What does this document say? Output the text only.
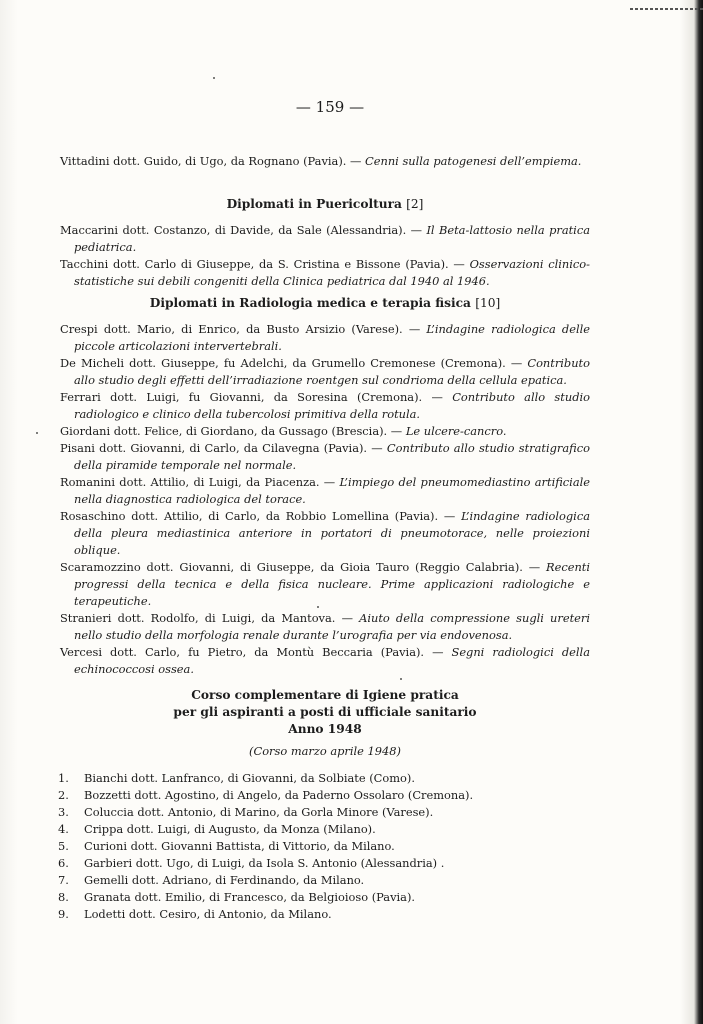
— 159 —

Vittadini dott. Guido, di Ugo, da Rognano (Pavia). — Cenni sulla patogenesi dell’empiema.

Diplomati in Puericoltura [2]

Maccarini dott. Costanzo, di Davide, da Sale (Alessandria). — Il Beta-lattosio nella pratica pediatrica.

Tacchini dott. Carlo di Giuseppe, da S. Cristina e Bissone (Pavia). — Osservazioni clinico-statistiche sui debili congeniti della Clinica pediatrica dal 1940 al 1946.

Diplomati in Radiologia medica e terapia fisica [10]

Crespi dott. Mario, di Enrico, da Busto Arsizio (Varese). — L’indagine radiologica delle piccole articolazioni intervertebrali.

De Micheli dott. Giuseppe, fu Adelchi, da Grumello Cremonese (Cremona). — Contributo allo studio degli effetti dell’irradiazione roentgen sul condrioma della cellula epatica.

Ferrari dott. Luigi, fu Giovanni, da Soresina (Cremona). — Contributo allo studio radiologico e clinico della tubercolosi primitiva della rotula.

Giordani dott. Felice, di Giordano, da Gussago (Brescia). — Le ulcere-cancro.

Pisani dott. Giovanni, di Carlo, da Cilavegna (Pavia). — Contributo allo studio stratigrafico della piramide temporale nel normale.

Romanini dott. Attilio, di Luigi, da Piacenza. — L’impiego del pneumomediastino artificiale nella diagnostica radiologica del torace.

Rosaschino dott. Attilio, di Carlo, da Robbio Lomellina (Pavia). — L’indagine radiologica della pleura mediastinica anteriore in portatori di pneumotorace, nelle proiezioni oblique.

Scaramozzino dott. Giovanni, di Giuseppe, da Gioia Tauro (Reggio Calabria). — Recenti progressi della tecnica e della fisica nucleare. Prime applicazioni radiologiche e terapeutiche.

Stranieri dott. Rodolfo, di Luigi, da Mantova. — Aiuto della compressione sugli ureteri nello studio della morfologia renale durante l’urografia per via endovenosa.

Vercesi dott. Carlo, fu Pietro, da Montù Beccaria (Pavia). — Segni radiologici della echinococcosi ossea.

Corso complementare di Igiene pratica
per gli aspiranti a posti di ufficiale sanitario
Anno 1948
(Corso marzo aprile 1948)
1.	Bianchi dott. Lanfranco, di Giovanni, da Solbiate (Como).
2.	Bozzetti dott. Agostino, di Angelo, da Paderno Ossolaro (Cremona).
3.	Coluccia dott. Antonio, di Marino, da Gorla Minore (Varese).
4.	Crippa dott. Luigi, di Augusto, da Monza (Milano).
5.	Curioni dott. Giovanni Battista, di Vittorio, da Milano.
6.	Garbieri dott. Ugo, di Luigi, da Isola S. Antonio (Alessandria) .
7.	Gemelli dott. Adriano, di Ferdinando, da Milano.
8.	Granata dott. Emilio, di Francesco, da Belgioioso (Pavia).
9.	Lodetti dott. Cesiro, di Antonio, da Milano.
